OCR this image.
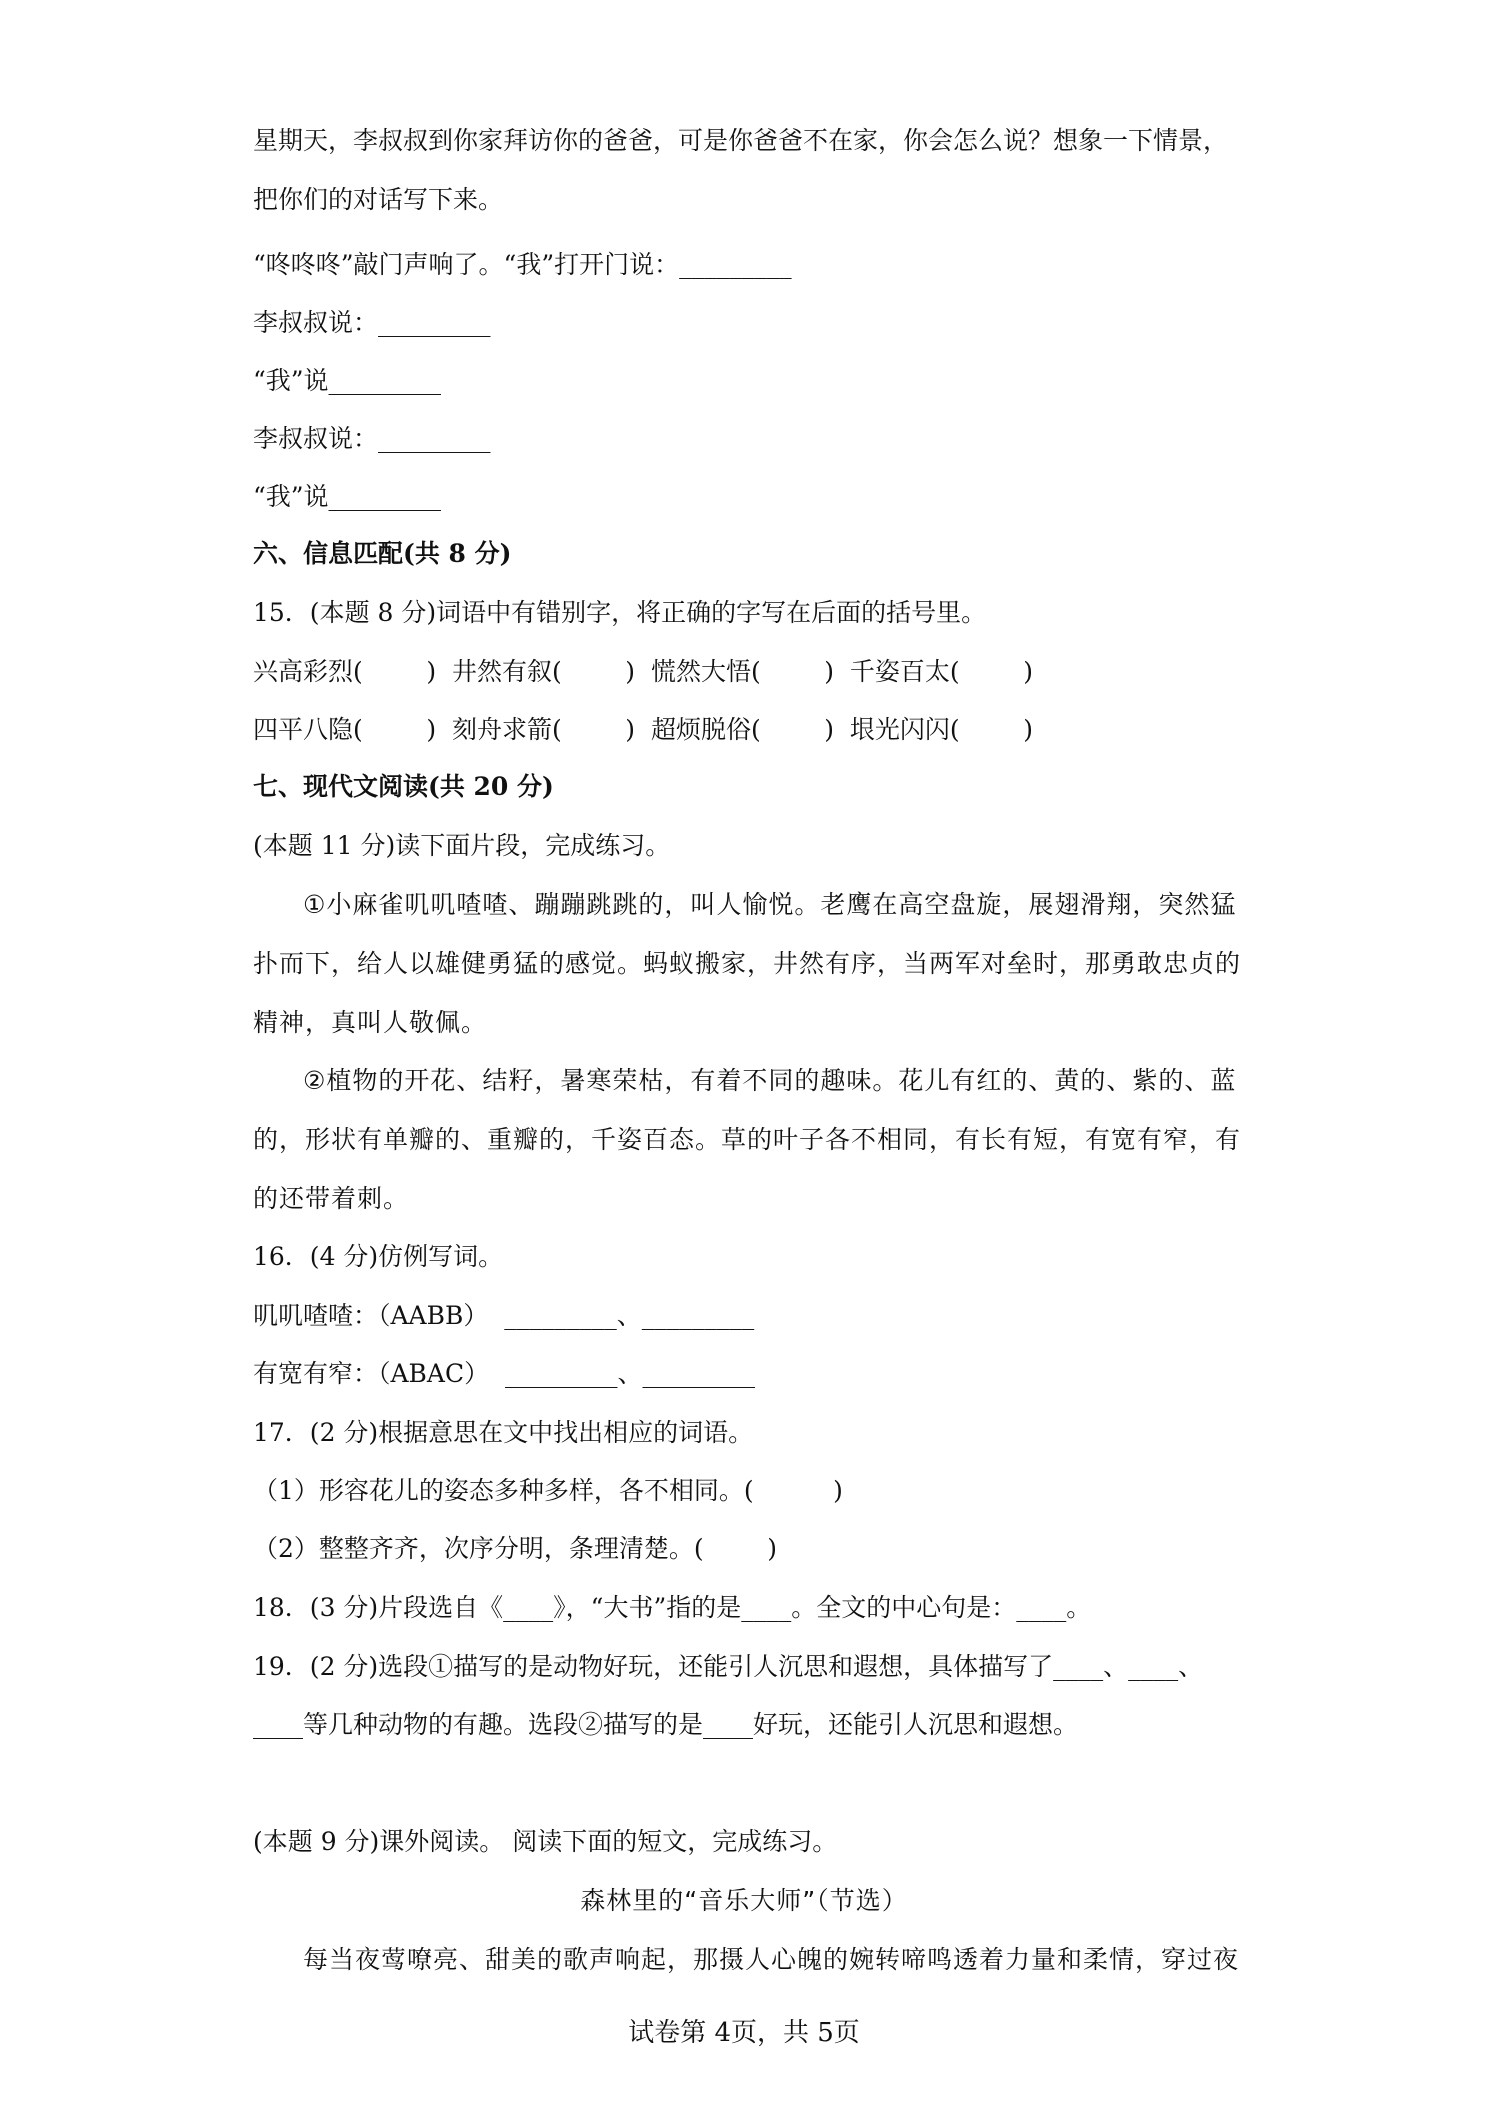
星期天，李叔叔到你家拜访你的爸爸，可是你爸爸不在家，你会怎么说？想象一下情景，
把你们的对话写下来。
“咚咚咚”敲门声响了。“我”打开门说：_________
李叔叔说：_________
“我”说_________
李叔叔说：_________
“我”说_________
六、信息匹配(共 8 分)
15．(本题 8 分)词语中有错别字，将正确的字写在后面的括号里。
兴高彩烈(        )  井然有叙(        )  慌然大悟(        )  千姿百太(        )
四平八隐(        )  刻舟求箭(        )  超烦脱俗(        )  垠光闪闪(        )
七、现代文阅读(共 20 分)
(本题 11 分)读下面片段，完成练习。
①小麻雀叽叽喳喳、蹦蹦跳跳的，叫人愉悦。老鹰在高空盘旋，展翅滑翔，突然猛
扑而下，给人以雄健勇猛的感觉。蚂蚁搬家，井然有序，当两军对垒时，那勇敢忠贞的
精神，真叫人敬佩。
②植物的开花、结籽，暑寒荣枯，有着不同的趣味。花儿有红的、黄的、紫的、蓝
的，形状有单瓣的、重瓣的，千姿百态。草的叶子各不相同，有长有短，有宽有窄，有
的还带着刺。
16．(4 分)仿例写词。
叽叽喳喳：（AABB）  _________、_________
有宽有窄：（ABAC）  _________、_________
17．(2 分)根据意思在文中找出相应的词语。
（1）形容花儿的姿态多种多样，各不相同。(          )
（2）整整齐齐，次序分明，条理清楚。(        )
18．(3 分)片段选自《____》，“大书”指的是____。全文的中心句是：____。
19．(2 分)选段①描写的是动物好玩，还能引人沉思和遐想，具体描写了____、____、
____等几种动物的有趣。选段②描写的是____好玩，还能引人沉思和遐想。
(本题 9 分)课外阅读。 阅读下面的短文，完成练习。
森林里的“音乐大师”（节选）
每当夜莺嘹亮、甜美的歌声响起，那摄人心魄的婉转啼鸣透着力量和柔情，穿过夜
试卷第 4页，共 5页
